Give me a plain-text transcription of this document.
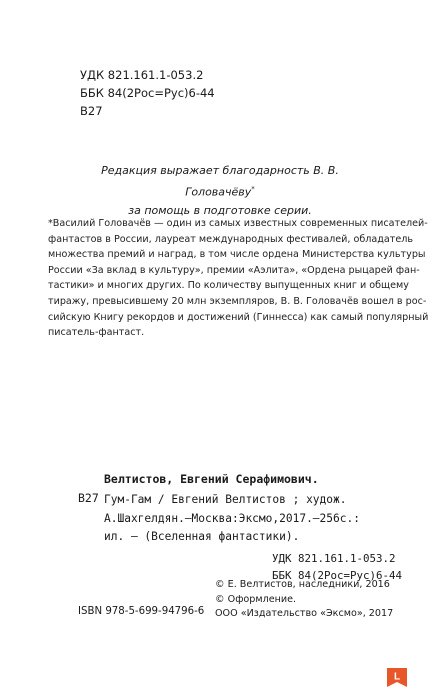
УДК 821.161.1-053.2
ББК 84(2Рос=Рус)6-44
В27
Редакция выражает благодарность В. В. Головачёву*
за помощь в подготовке серии.
*Василий Головачёв — один из самых известных современных писателей-
фантастов в России, лауреат международных фестивалей, обладатель
множества премий и наград, в том числе ордена Министерства культуры
России «За вклад в культуру», премии «Аэлита», «Ордена рыцарей фан-
тастики» и многих других. По количеству выпущенных книг и общему
тиражу, превысившему 20 млн экземпляров, В. В. Головачёв вошел в рос-
сийскую Книгу рекордов и достижений (Гиннесса) как самый популярный
писатель-фантаст.
Велтистов, Евгений Серафимович.
В27 Гум-Гам / Евгений Велтистов ; худож.
А.Шахгелдян.–Москва:Эксмо,2017.–256с.:
ил. – (Вселенная фантастики).
УДК 821.161.1-053.2
ББК 84(2Рос=Рус)6-44
© Е. Велтистов, наследники, 2016
© Оформление.
ООО «Издательство «Эксмо», 2017
ISBN 978-5-699-94796-6
L
